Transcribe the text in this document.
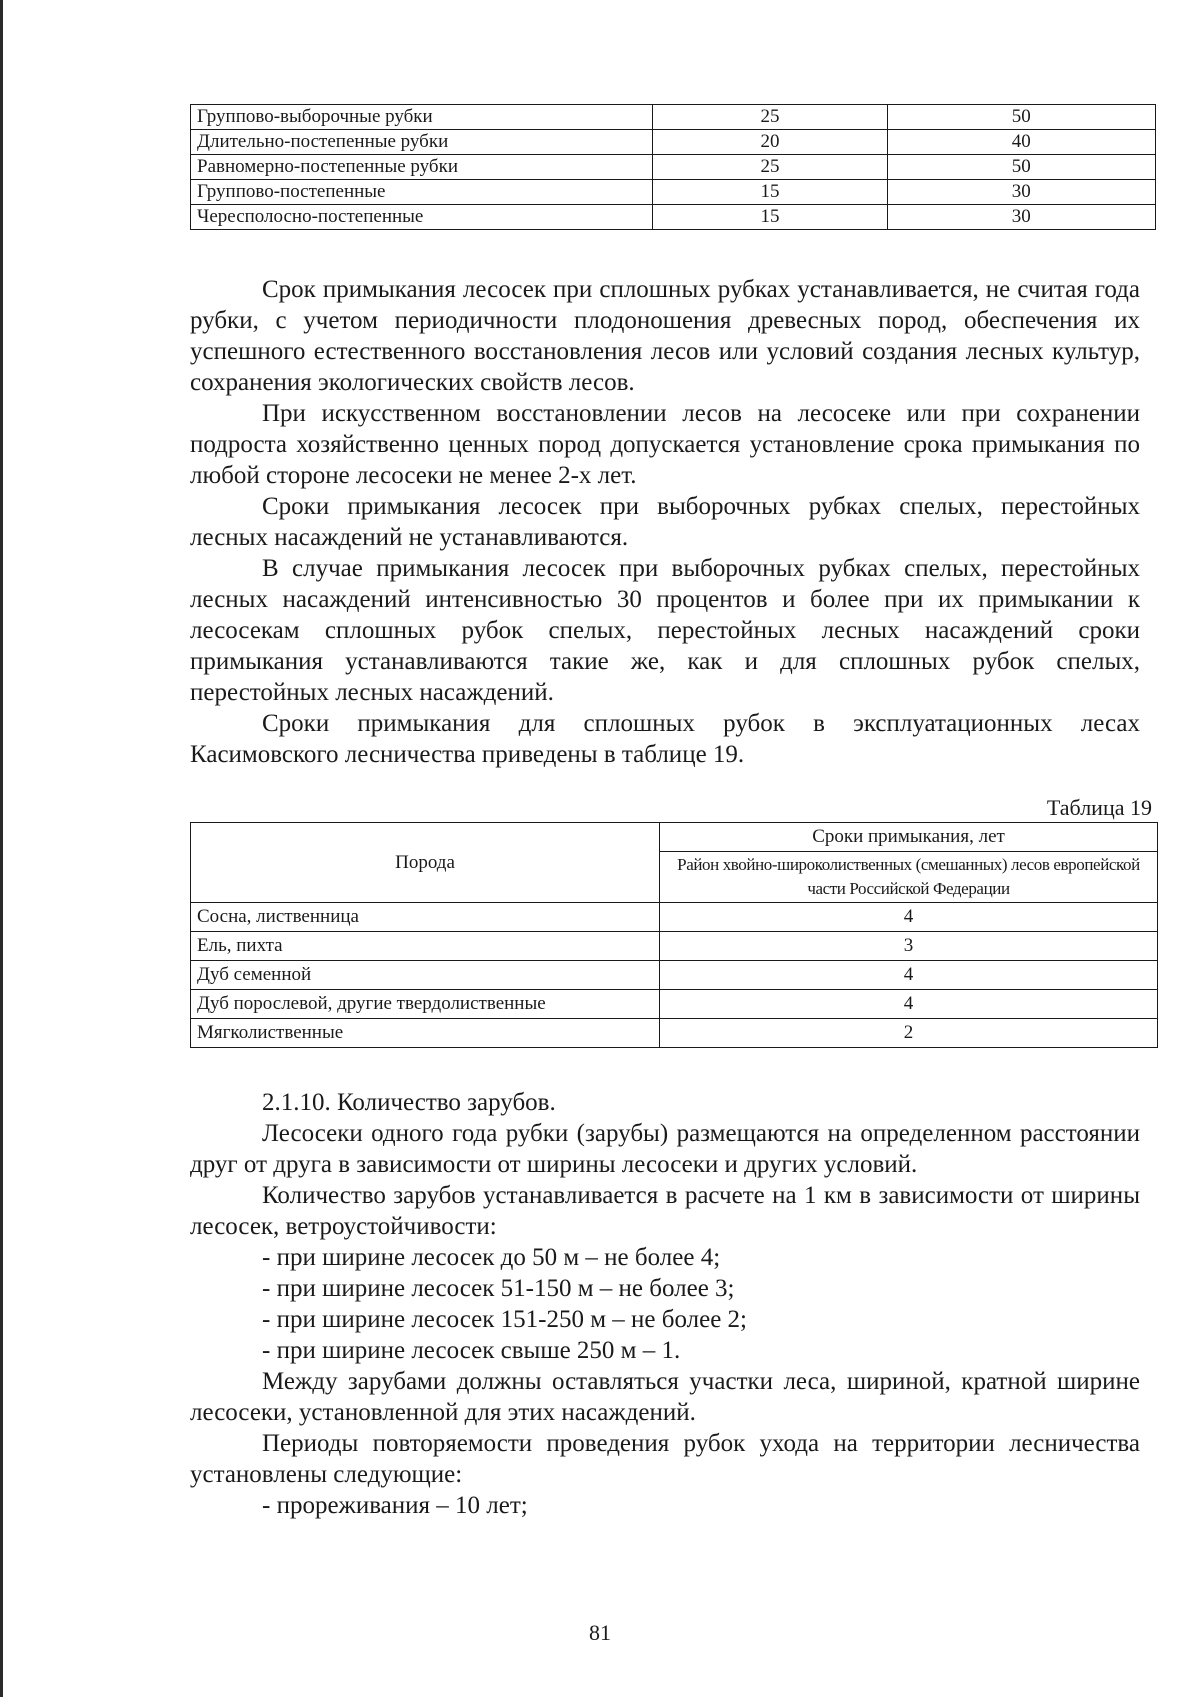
Группово-выборочные рубки	25	50
Длительно-постепенные рубки	20	40
Равномерно-постепенные рубки	25	50
Группово-постепенные	15	30
Чересполосно-постепенные	15	30

Срок примыкания лесосек при сплошных рубках устанавливается, не считая года рубки, с учетом периодичности плодоношения древесных пород, обеспечения их успешного естественного восстановления лесов или условий создания лесных культур, сохранения экологических свойств лесов.

При искусственном восстановлении лесов на лесосеке или при сохранении подроста хозяйственно ценных пород допускается установление срока примыкания по любой стороне лесосеки не менее 2-х лет.

Сроки примыкания лесосек при выборочных рубках спелых, перестойных лесных насаждений не устанавливаются.

В случае примыкания лесосек при выборочных рубках спелых, перестойных лесных насаждений интенсивностью 30 процентов и более при их примыкании к лесосекам сплошных рубок спелых, перестойных лесных насаждений сроки примыкания устанавливаются такие же, как и для сплошных рубок спелых, перестойных лесных насаждений.

Сроки примыкания для сплошных рубок в эксплуатационных лесах Касимовского лесничества приведены в таблице 19.

Таблица 19
Порода	Сроки примыкания, лет
	Район хвойно-широколиственных (смешанных) лесов европейской части Российской Федерации
Сосна, лиственница	4
Ель, пихта	3
Дуб семенной	4
Дуб порослевой, другие твердолиственные	4
Мягколиственные	2

2.1.10. Количество зарубов.

Лесосеки одного года рубки (зарубы) размещаются на определенном расстоянии друг от друга в зависимости от ширины лесосеки и других условий.

Количество зарубов устанавливается в расчете на 1 км в зависимости от ширины лесосек, ветроустойчивости:

- при ширине лесосек до 50 м – не более 4;

- при ширине лесосек 51-150 м – не более 3;

- при ширине лесосек 151-250 м – не более 2;

- при ширине лесосек свыше 250 м – 1.

Между зарубами должны оставляться участки леса, шириной, кратной ширине лесосеки, установленной для этих насаждений.

Периоды повторяемости проведения рубок ухода на территории лесничества установлены следующие:

- прореживания – 10 лет;

81
